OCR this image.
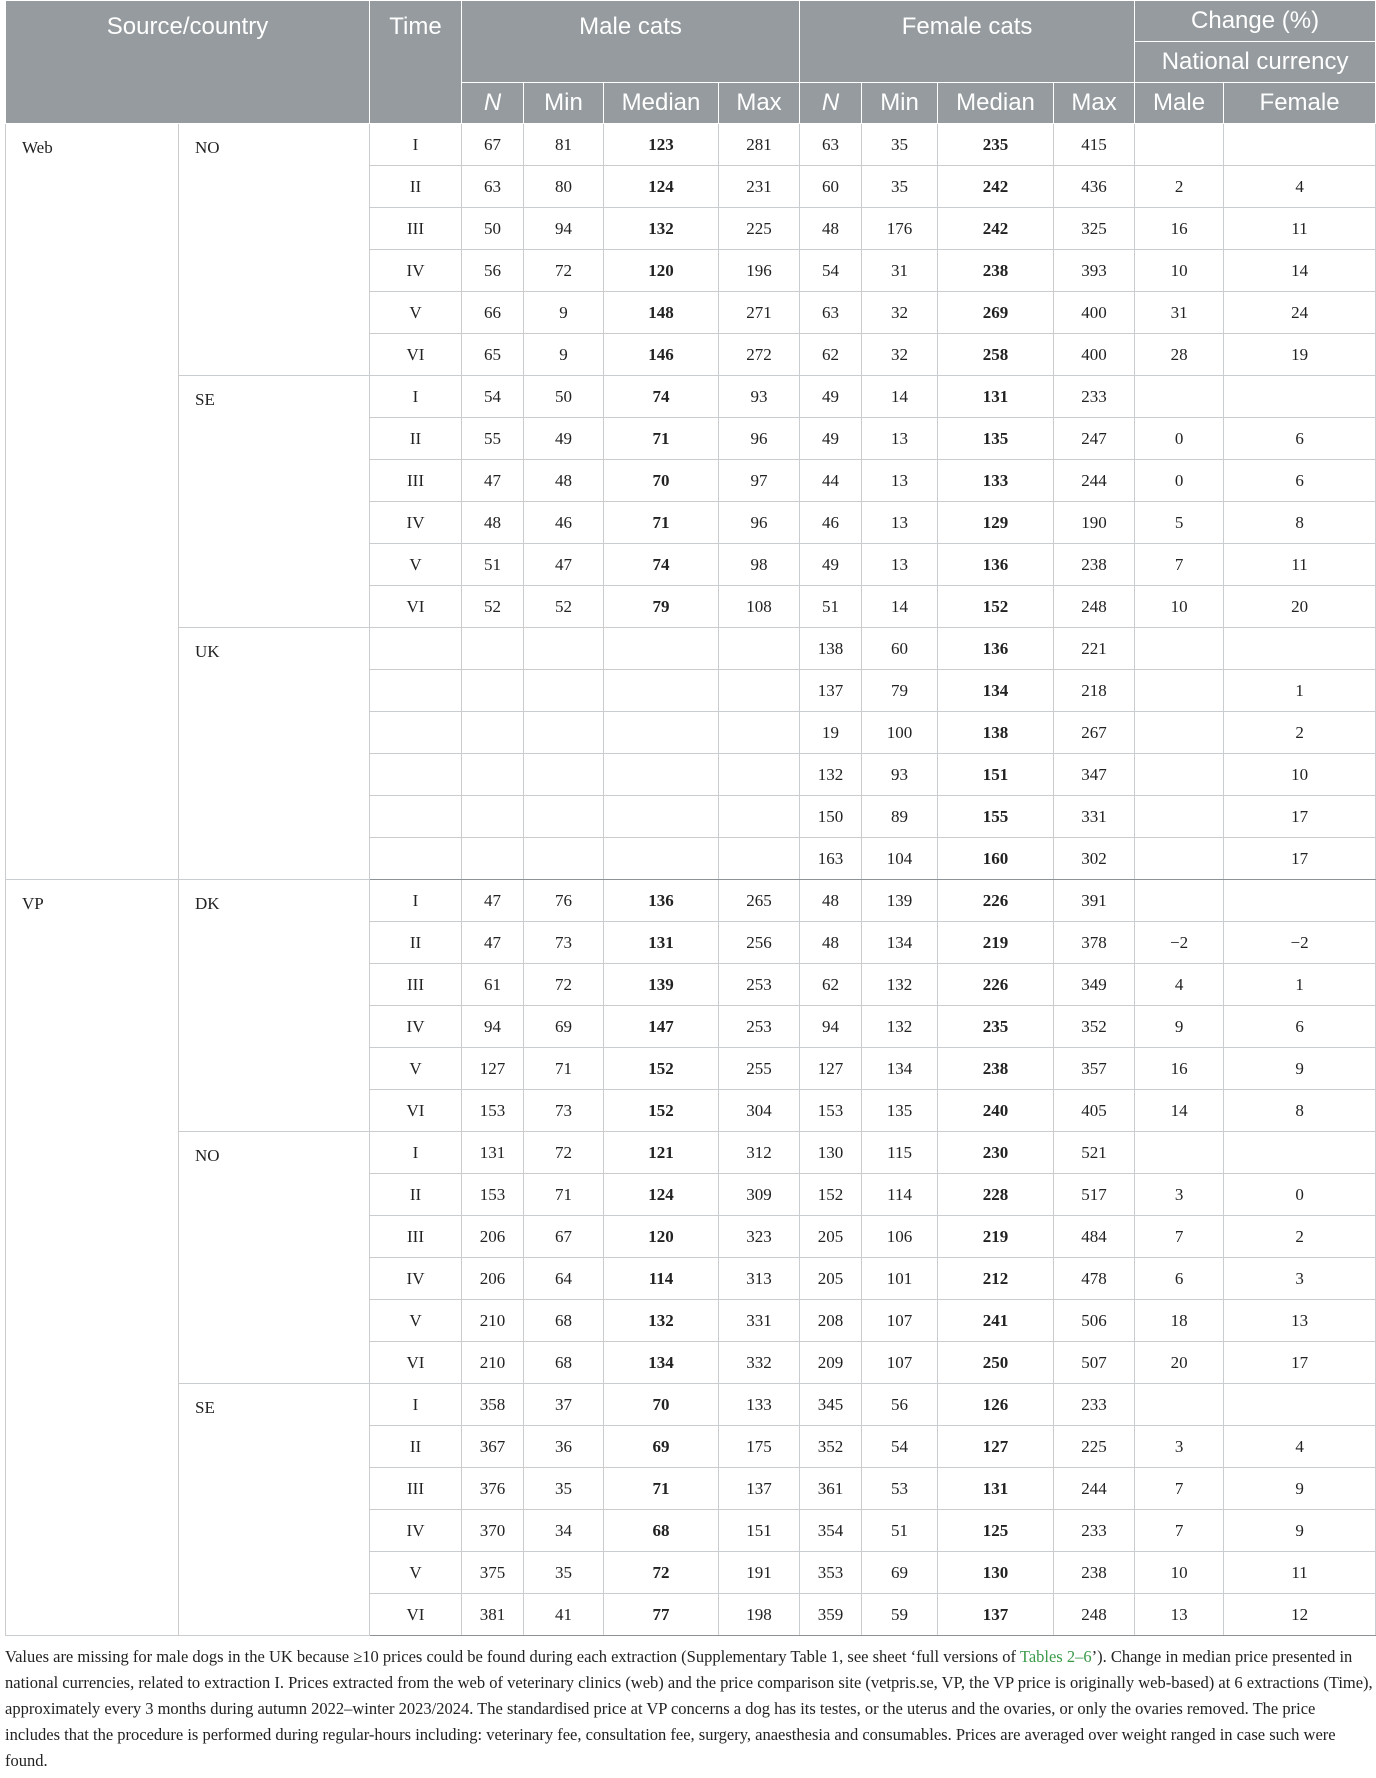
Source/country		Time	Male cats				Female cats				Change (%)	
											National currency	
			N	Min	Median	Max	N	Min	Median	Max	Male	Female
Web	NO	I	67	81	123	281	63	35	235	415		
		II	63	80	124	231	60	35	242	436	2	4
		III	50	94	132	225	48	176	242	325	16	11
		IV	56	72	120	196	54	31	238	393	10	14
		V	66	9	148	271	63	32	269	400	31	24
		VI	65	9	146	272	62	32	258	400	28	19
	SE	I	54	50	74	93	49	14	131	233		
		II	55	49	71	96	49	13	135	247	0	6
		III	47	48	70	97	44	13	133	244	0	6
		IV	48	46	71	96	46	13	129	190	5	8
		V	51	47	74	98	49	13	136	238	7	11
		VI	52	52	79	108	51	14	152	248	10	20
	UK						138	60	136	221		
							137	79	134	218		1
							19	100	138	267		2
							132	93	151	347		10
							150	89	155	331		17
							163	104	160	302		17
VP	DK	I	47	76	136	265	48	139	226	391		
		II	47	73	131	256	48	134	219	378	−2	−2
		III	61	72	139	253	62	132	226	349	4	1
		IV	94	69	147	253	94	132	235	352	9	6
		V	127	71	152	255	127	134	238	357	16	9
		VI	153	73	152	304	153	135	240	405	14	8
	NO	I	131	72	121	312	130	115	230	521		
		II	153	71	124	309	152	114	228	517	3	0
		III	206	67	120	323	205	106	219	484	7	2
		IV	206	64	114	313	205	101	212	478	6	3
		V	210	68	132	331	208	107	241	506	18	13
		VI	210	68	134	332	209	107	250	507	20	17
	SE	I	358	37	70	133	345	56	126	233		
		II	367	36	69	175	352	54	127	225	3	4
		III	376	35	71	137	361	53	131	244	7	9
		IV	370	34	68	151	354	51	125	233	7	9
		V	375	35	72	191	353	69	130	238	10	11
		VI	381	41	77	198	359	59	137	248	13	12
Values are missing for male dogs in the UK because ≥10 prices could be found during each extraction (Supplementary Table 1, see sheet ‘full versions of Tables 2–6’). Change in median price presented in national currencies, related to extraction I. Prices extracted from the web of veterinary clinics (web) and the price comparison site (vetpris.se, VP, the VP price is originally web-based) at 6 extractions (Time), approximately every 3 months during autumn 2022–winter 2023/2024. The standardised price at VP concerns a dog has its testes, or the uterus and the ovaries, or only the ovaries removed. The price includes that the procedure is performed during regular-hours including: veterinary fee, consultation fee, surgery, anaesthesia and consumables. Prices are averaged over weight ranged in case such were found.
